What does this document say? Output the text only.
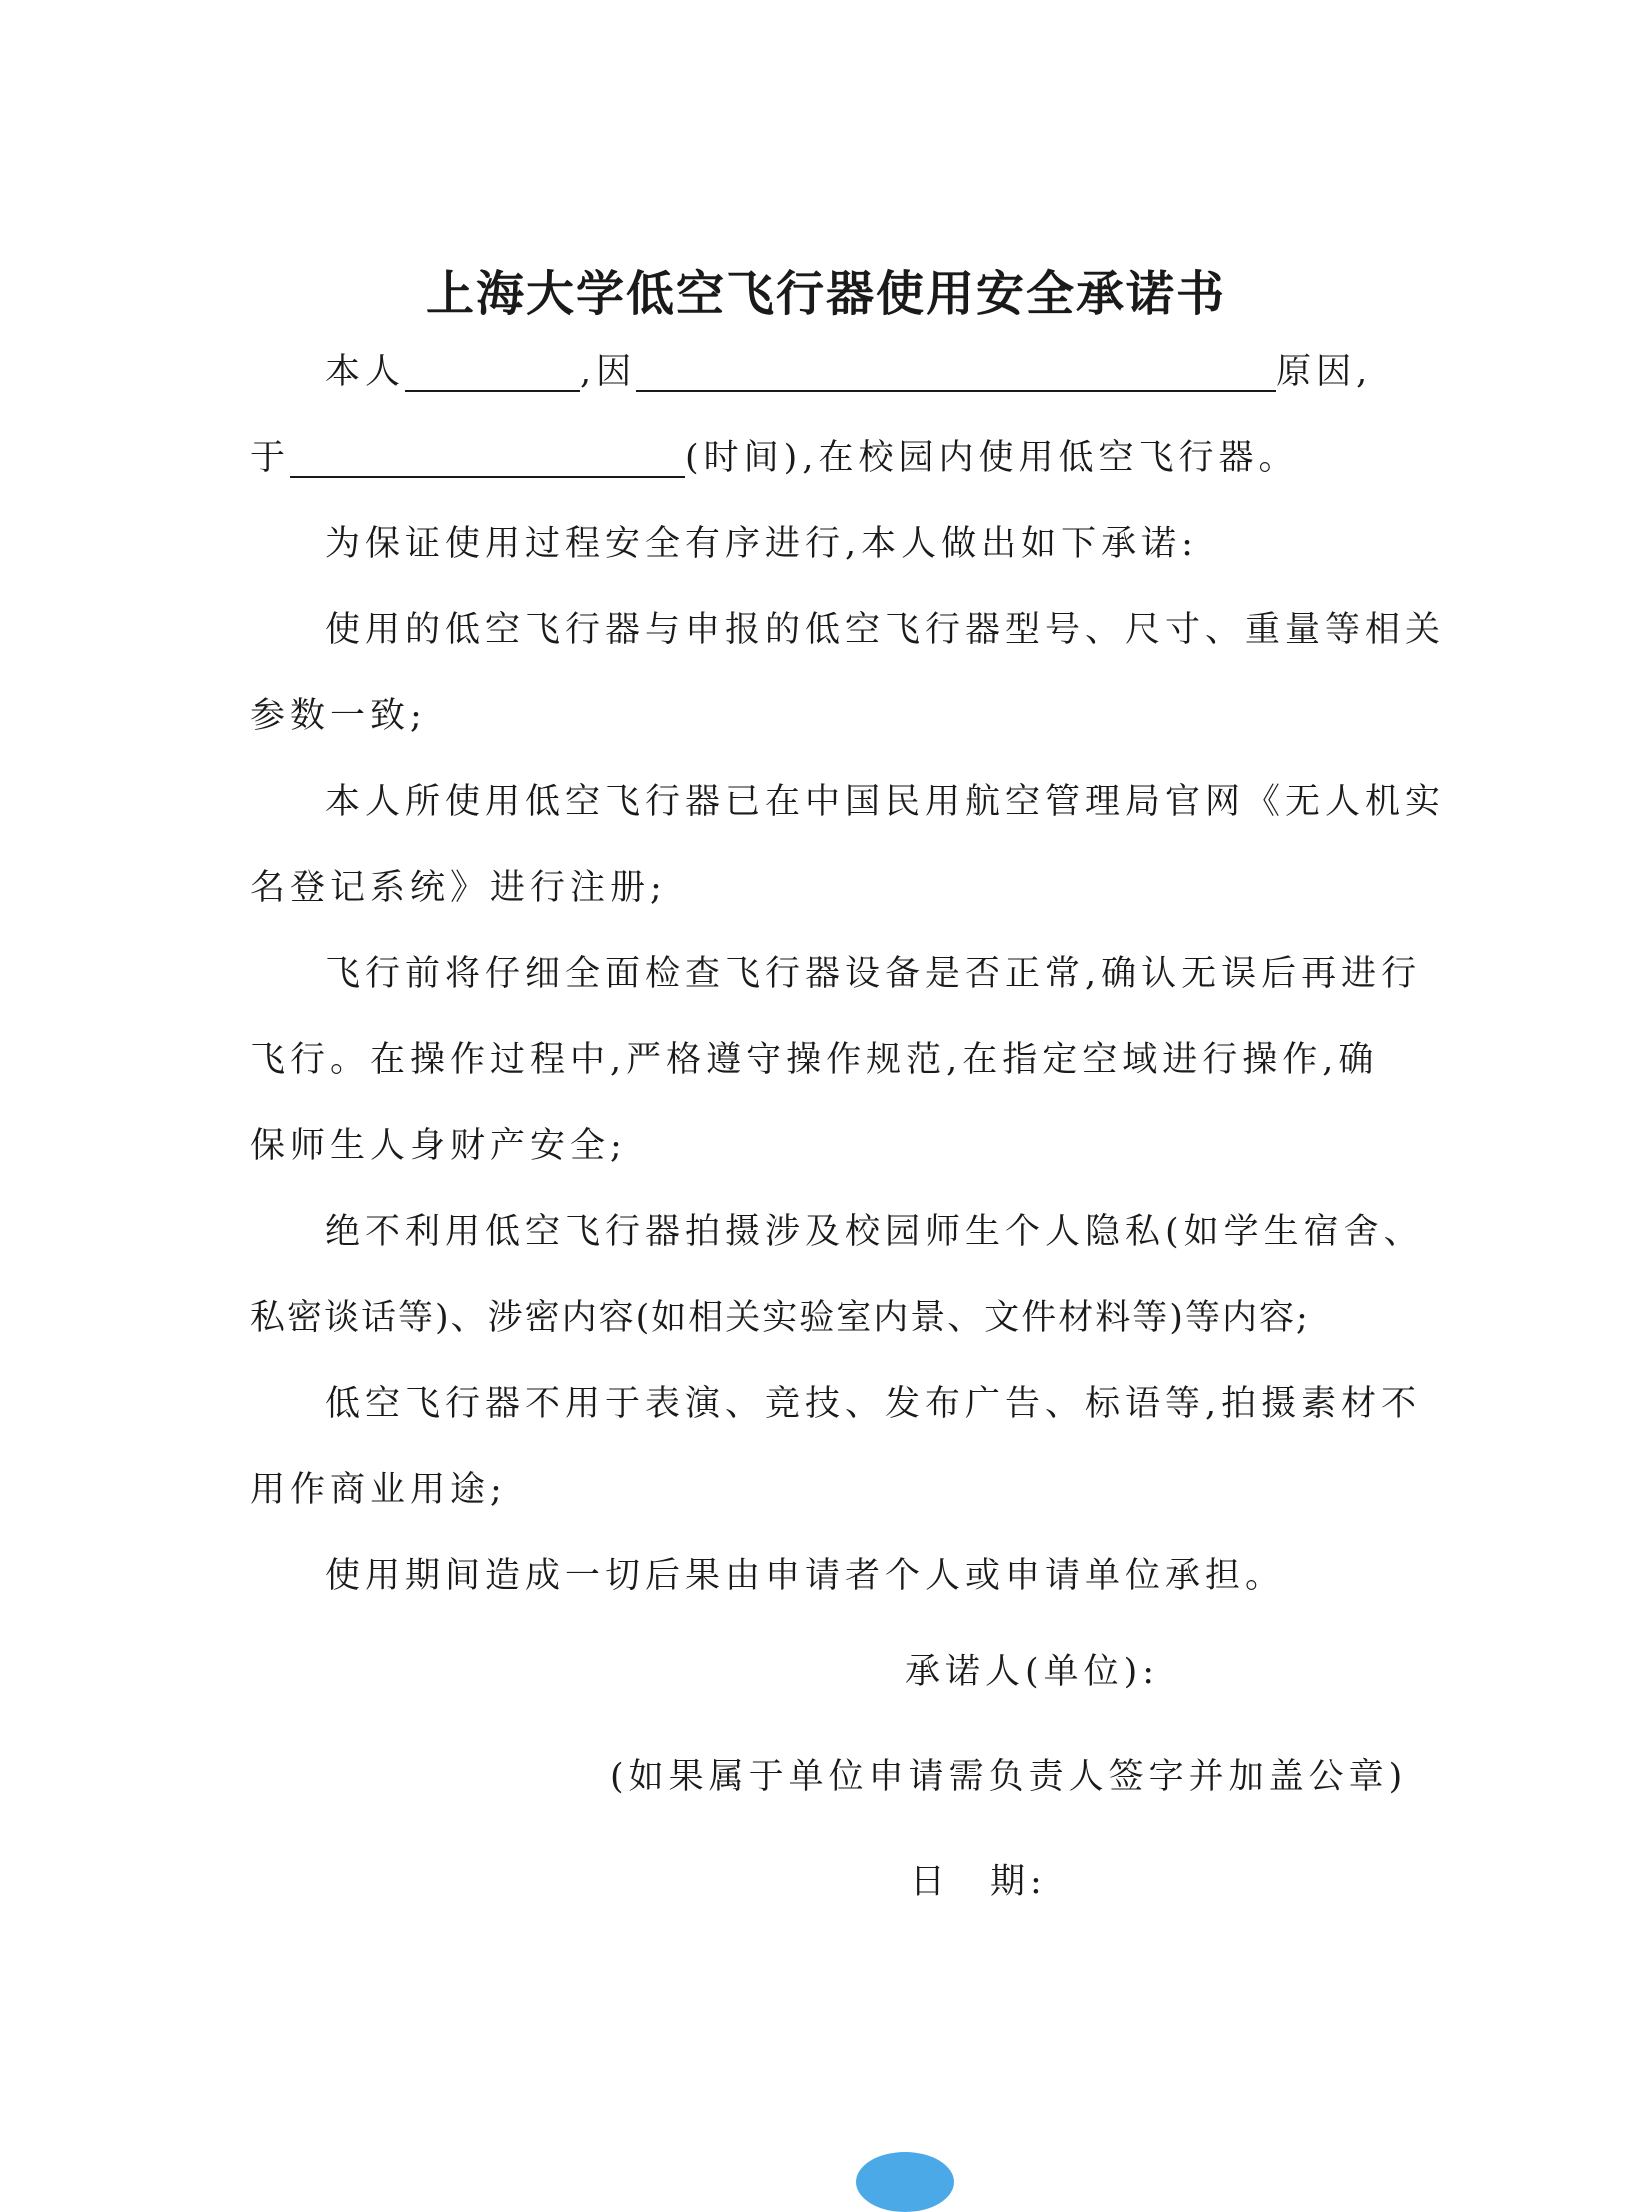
上海大学低空飞行器使用安全承诺书
本人	,因	原因,
于	(时间),在校园内使用低空飞行器。
为保证使用过程安全有序进行,本人做出如下承诺:
使用的低空飞行器与申报的低空飞行器型号、尺寸、重量等相关
参数一致;
本人所使用低空飞行器已在中国民用航空管理局官网《无人机实
名登记系统》进行注册;
飞行前将仔细全面检查飞行器设备是否正常,确认无误后再进行
飞行。在操作过程中,严格遵守操作规范,在指定空域进行操作,确
保师生人身财产安全;
绝不利用低空飞行器拍摄涉及校园师生个人隐私(如学生宿舍、
私密谈话等)、涉密内容(如相关实验室内景、文件材料等)等内容;
低空飞行器不用于表演、竞技、发布广告、标语等,拍摄素材不
用作商业用途;
使用期间造成一切后果由申请者个人或申请单位承担。
承诺人(单位):
(如果属于单位申请需负责人签字并加盖公章)
日 期:
